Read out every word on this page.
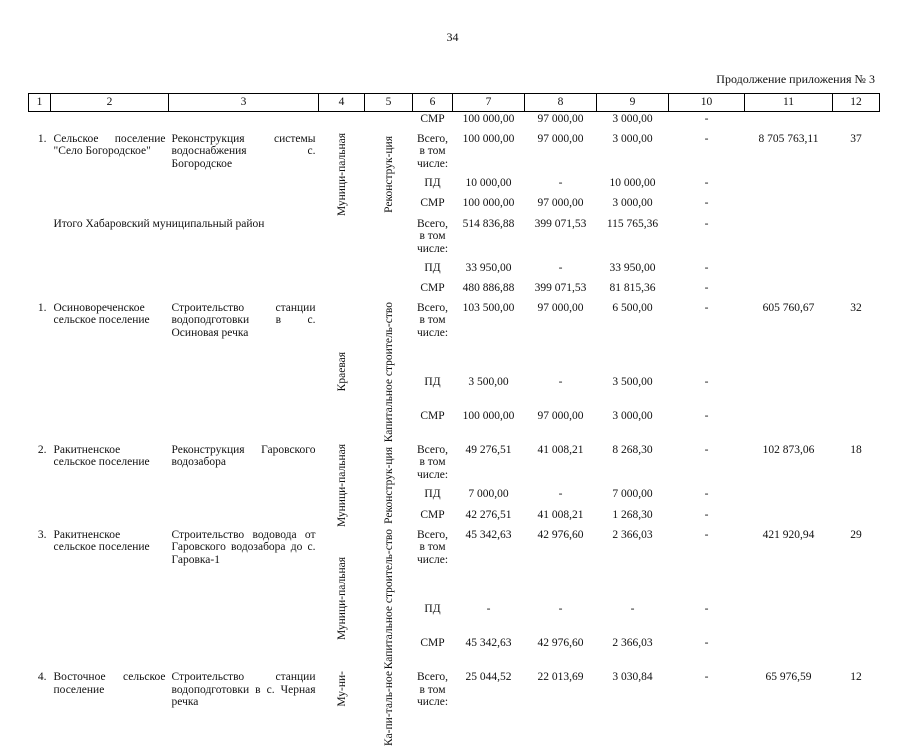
34
Продолжение приложения № 3
1	2	3	4	5	6	7	8	9	10	11	12
					СМР	100 000,00	97 000,00	3 000,00	-		
1.	Сельское поселение "Село Богородское"	Реконструкция системы водоснабжения с. Богородское	Муници-пальная	Реконструк-ция	Всего, в том числе:	100 000,00	97 000,00	3 000,00	-	8 705 763,11	37
					ПД	10 000,00	-	10 000,00	-		
					СМР	100 000,00	97 000,00	3 000,00	-		
	Итого Хабаровский муниципальный район				Всего, в том числе:	514 836,88	399 071,53	115 765,36	-		
					ПД	33 950,00	-	33 950,00	-		
					СМР	480 886,88	399 071,53	81 815,36	-		
1.	Осиновореченское сельское поселение	Строительство станции водоподготовки в с. Осиновая речка	Краевая	Капитальное строитель-ство	Всего, в том числе:	103 500,00	97 000,00	6 500,00	-	605 760,67	32
					ПД	3 500,00	-	3 500,00	-		
					СМР	100 000,00	97 000,00	3 000,00	-		
2.	Ракитненское сельское поселение	Реконструкция Гаровского водозабора	Муници-пальная	Реконструк-ция	Всего, в том числе:	49 276,51	41 008,21	8 268,30	-	102 873,06	18
					ПД	7 000,00	-	7 000,00	-		
					СМР	42 276,51	41 008,21	1 268,30	-		
3.	Ракитненское сельское поселение	Строительство водовода от Гаровского водозабора до с. Гаровка-1	Муници-пальная	Капитальное строитель-ство	Всего, в том числе:	45 342,63	42 976,60	2 366,03	-	421 920,94	29
					ПД	-	-	-	-		
					СМР	45 342,63	42 976,60	2 366,03	-		
4.	Восточное сельское поселение	Строительство станции водоподготовки в с. Черная речка	Му-ни-	Ка-пи-таль-ное	Всего, в том числе:	25 044,52	22 013,69	3 030,84	-	65 976,59	12
